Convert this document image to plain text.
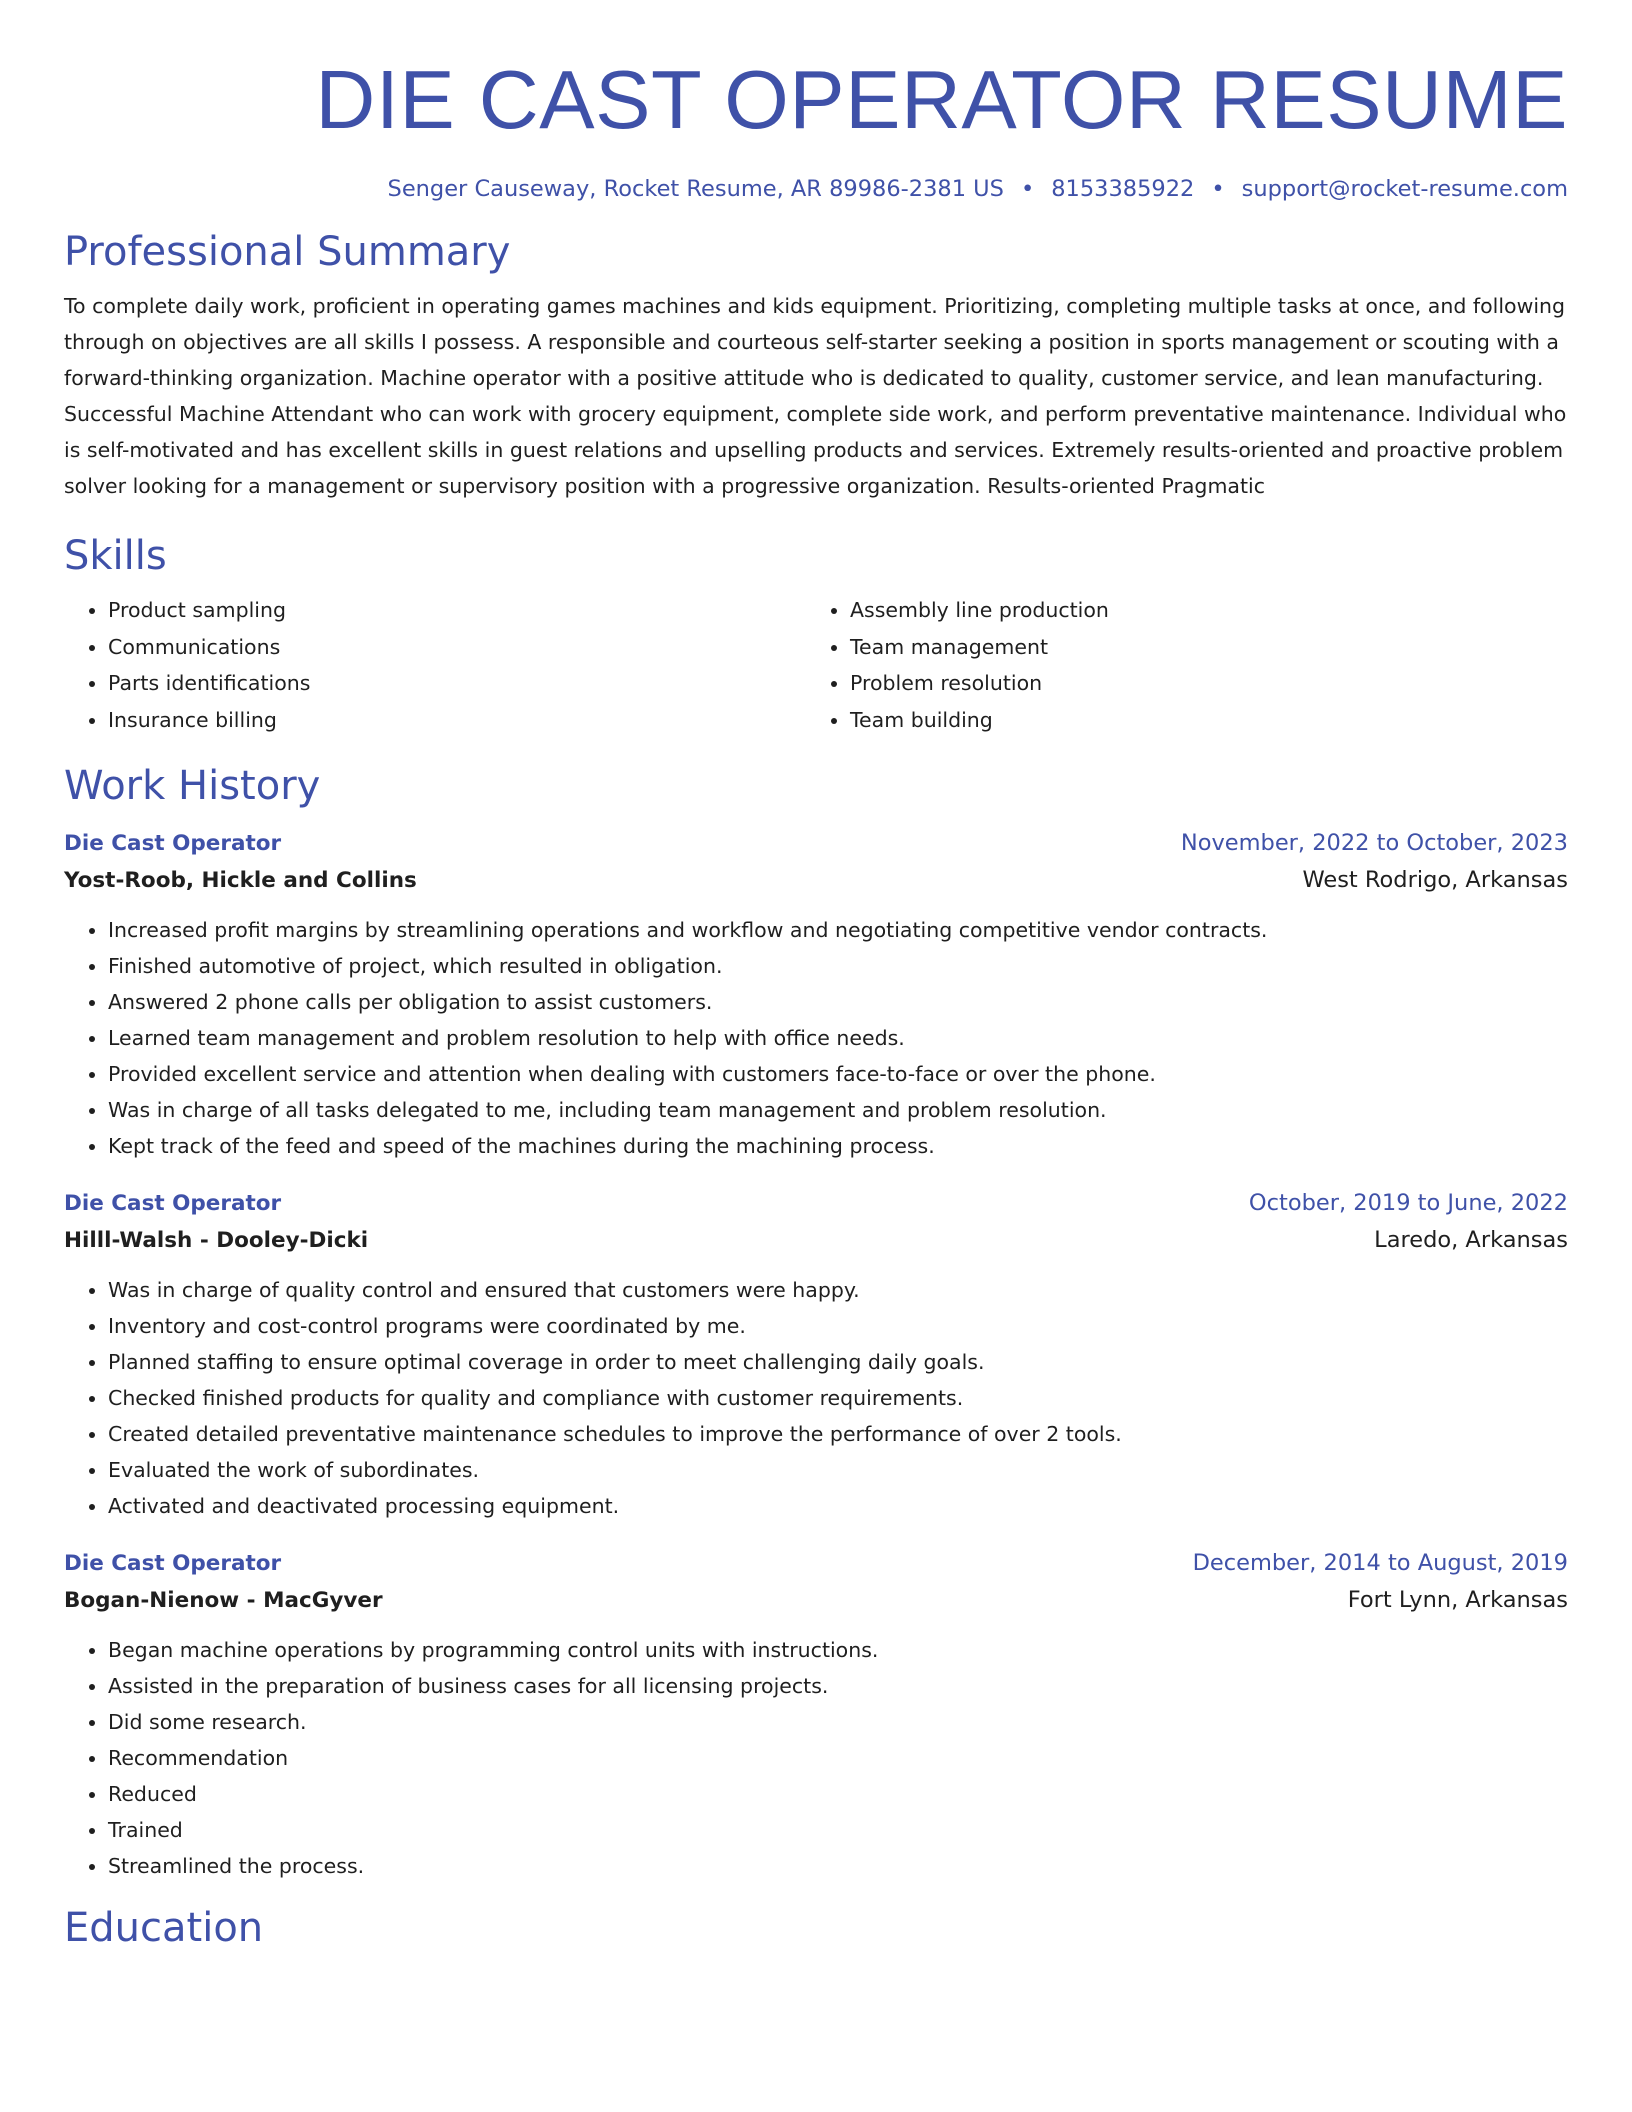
DIE CAST OPERATOR RESUME
Senger Causeway, Rocket Resume, AR 89986-2381 US • 8153385922 • support@rocket-resume.com
Professional Summary
To complete daily work, proficient in operating games machines and kids equipment. Prioritizing, completing multiple tasks at once, and following through on objectives are all skills I possess. A responsible and courteous self-starter seeking a position in sports management or scouting with a forward-thinking organization. Machine operator with a positive attitude who is dedicated to quality, customer service, and lean manufacturing. Successful Machine Attendant who can work with grocery equipment, complete side work, and perform preventative maintenance. Individual who is self-motivated and has excellent skills in guest relations and upselling products and services. Extremely results-oriented and proactive problem solver looking for a management or supervisory position with a progressive organization. Results-oriented Pragmatic
Skills
• Product sampling
• Communications
• Parts identifications
• Insurance billing
• Assembly line production
• Team management
• Problem resolution
• Team building
Work History
Die Cast Operator	November, 2022 to October, 2023
Yost-Roob, Hickle and Collins	West Rodrigo, Arkansas
• Increased profit margins by streamlining operations and workflow and negotiating competitive vendor contracts.
• Finished automotive of project, which resulted in obligation.
• Answered 2 phone calls per obligation to assist customers.
• Learned team management and problem resolution to help with office needs.
• Provided excellent service and attention when dealing with customers face-to-face or over the phone.
• Was in charge of all tasks delegated to me, including team management and problem resolution.
• Kept track of the feed and speed of the machines during the machining process.
Die Cast Operator	October, 2019 to June, 2022
Hilll-Walsh - Dooley-Dicki	Laredo, Arkansas
• Was in charge of quality control and ensured that customers were happy.
• Inventory and cost-control programs were coordinated by me.
• Planned staffing to ensure optimal coverage in order to meet challenging daily goals.
• Checked finished products for quality and compliance with customer requirements.
• Created detailed preventative maintenance schedules to improve the performance of over 2 tools.
• Evaluated the work of subordinates.
• Activated and deactivated processing equipment.
Die Cast Operator	December, 2014 to August, 2019
Bogan-Nienow - MacGyver	Fort Lynn, Arkansas
• Began machine operations by programming control units with instructions.
• Assisted in the preparation of business cases for all licensing projects.
• Did some research.
• Recommendation
• Reduced
• Trained
• Streamlined the process.
Education
